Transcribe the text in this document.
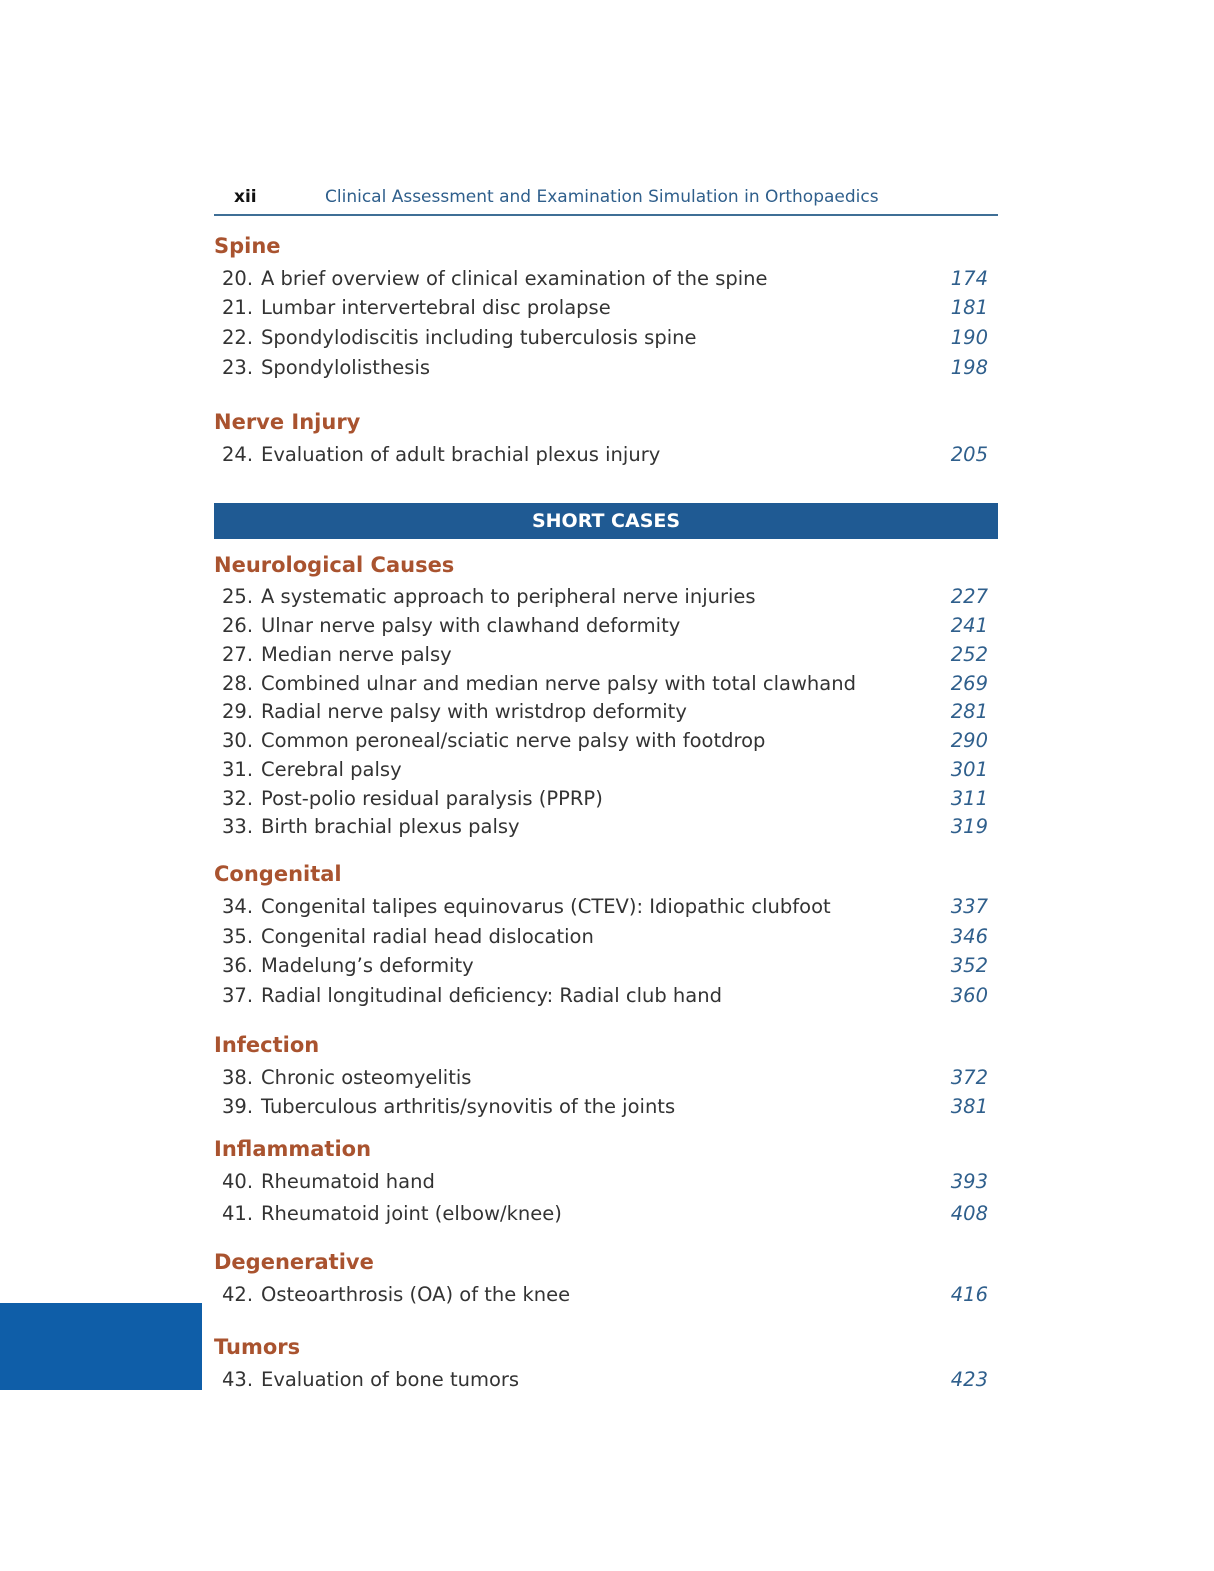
xii	Clinical Assessment and Examination Simulation in Orthopaedics
Spine
20. A brief overview of clinical examination of the spine	174
21. Lumbar intervertebral disc prolapse	181
22. Spondylodiscitis including tuberculosis spine	190
23. Spondylolisthesis	198
Nerve Injury
24. Evaluation of adult brachial plexus injury	205
SHORT CASES
Neurological Causes
25. A systematic approach to peripheral nerve injuries	227
26. Ulnar nerve palsy with clawhand deformity	241
27. Median nerve palsy	252
28. Combined ulnar and median nerve palsy with total clawhand	269
29. Radial nerve palsy with wristdrop deformity	281
30. Common peroneal/sciatic nerve palsy with footdrop	290
31. Cerebral palsy	301
32. Post-polio residual paralysis (PPRP)	311
33. Birth brachial plexus palsy	319
Congenital
34. Congenital talipes equinovarus (CTEV): Idiopathic clubfoot	337
35. Congenital radial head dislocation	346
36. Madelung’s deformity	352
37. Radial longitudinal deficiency: Radial club hand	360
Infection
38. Chronic osteomyelitis	372
39. Tuberculous arthritis/synovitis of the joints	381
Inflammation
40. Rheumatoid hand	393
41. Rheumatoid joint (elbow/knee)	408
Degenerative
42. Osteoarthrosis (OA) of the knee	416
Tumors
43. Evaluation of bone tumors	423
